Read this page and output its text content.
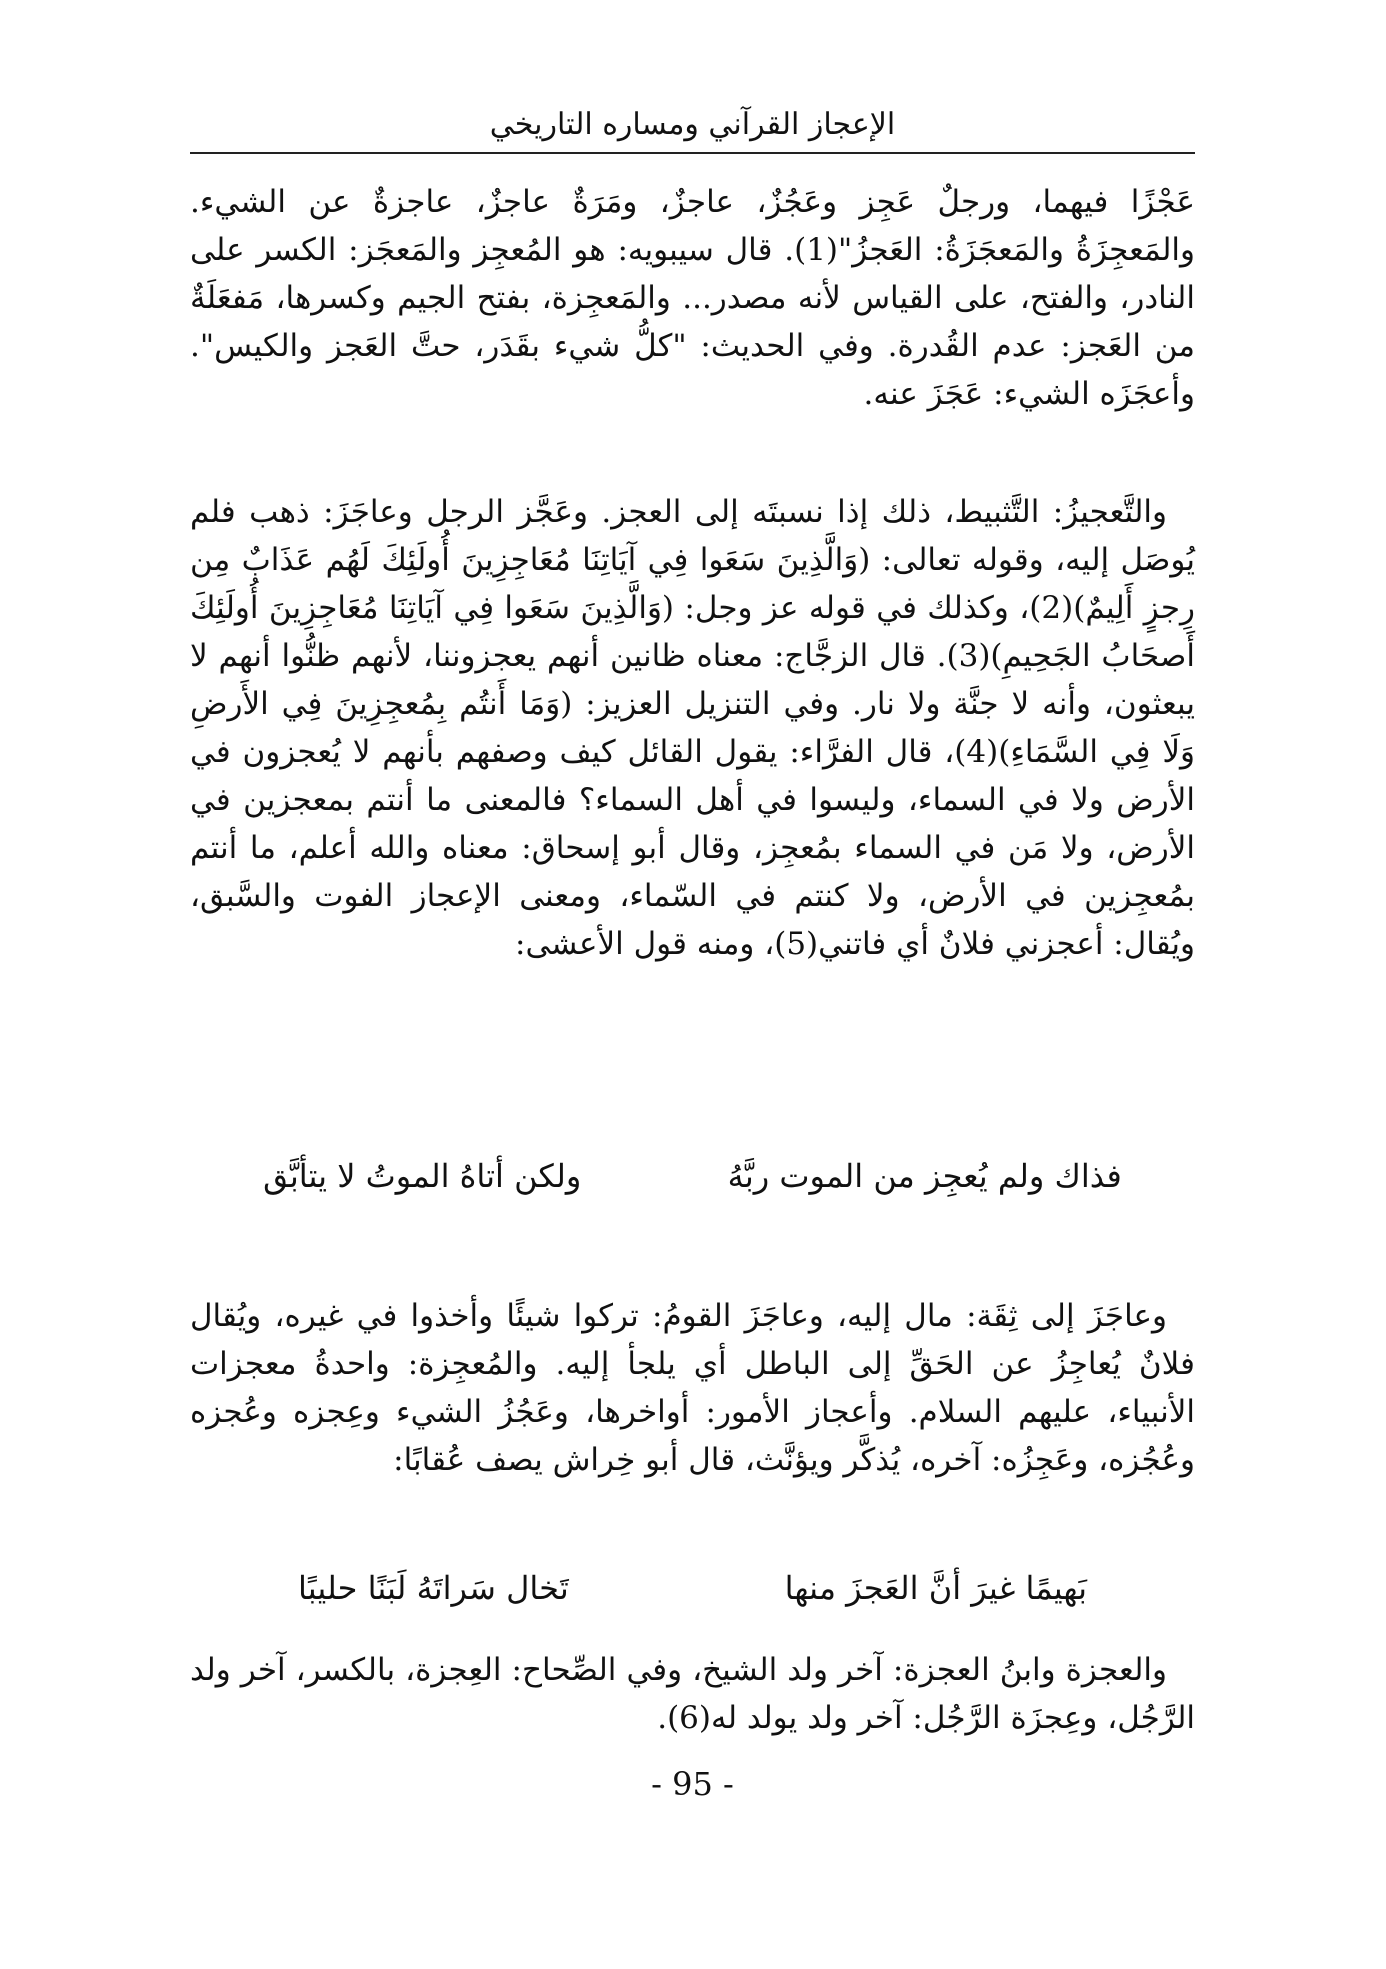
الإعجاز القرآني ومساره التاريخي

عَجْزًا فيهما، ورجلٌ عَجِز وعَجُزٌ، عاجزٌ، ومَرَةٌ عاجزٌ، عاجزةٌ عن الشيء. والمَعجِزَةُ والمَعجَزَةُ: العَجزُ"(1). قال سيبويه: هو المُعجِز والمَعجَز: الكسر على النادر، والفتح، على القياس لأنه مصدر... والمَعجِزة، بفتح الجيم وكسرها، مَفعَلَةٌ من العَجز: عدم القُدرة. وفي الحديث: "كلُّ شيء بقَدَر، حتَّ العَجز والكيس". وأعجَزَه الشيء: عَجَزَ عنه.

والتَّعجيزُ: التَّثبيط، ذلك إذا نسبتَه إلى العجز. وعَجَّز الرجل وعاجَزَ: ذهب فلم يُوصَل إليه، وقوله تعالى: (وَالَّذِينَ سَعَوا فِي آيَاتِنَا مُعَاجِزِينَ أُولَئِكَ لَهُم عَذَابٌ مِن رِجزٍ أَلِيمٌ)(2)، وكذلك في قوله عز وجل: (وَالَّذِينَ سَعَوا فِي آيَاتِنَا مُعَاجِزِينَ أُولَئِكَ أَصحَابُ الجَحِيمِ)(3). قال الزجَّاج: معناه ظانين أنهم يعجزوننا، لأنهم ظنُّوا أنهم لا يبعثون، وأنه لا جنَّة ولا نار. وفي التنزيل العزيز: (وَمَا أَنتُم بِمُعجِزِينَ فِي الأَرضِ وَلَا فِي السَّمَاءِ)(4)، قال الفرَّاء: يقول القائل كيف وصفهم بأنهم لا يُعجزون في الأرض ولا في السماء، وليسوا في أهل السماء؟ فالمعنى ما أنتم بمعجزين في الأرض، ولا مَن في السماء بمُعجِز، وقال أبو إسحاق: معناه والله أعلم، ما أنتم بمُعجِزين في الأرض، ولا كنتم في السّماء، ومعنى الإعجاز الفوت والسَّبق، ويُقال: أعجزني فلانٌ أي فاتني(5)، ومنه قول الأعشى:

فذاك ولم يُعجِز من الموت ربَّهُ
ولكن أتاهُ الموتُ لا يتأبَّق

وعاجَزَ إلى ثِقَة: مال إليه، وعاجَزَ القومُ: تركوا شيئًا وأخذوا في غيره، ويُقال فلانٌ يُعاجِزُ عن الحَقِّ إلى الباطل أي يلجأ إليه. والمُعجِزة: واحدةُ معجزات الأنبياء، عليهم السلام. وأعجاز الأمور: أواخرها، وعَجُزُ الشيء وعِجزه وعُجزه وعُجُزه، وعَجِزُه: آخره، يُذكَّر ويؤنَّث، قال أبو خِراش يصف عُقابًا:

بَهيمًا غيرَ أنَّ العَجزَ منها
تَخال سَراتَهُ لَبَنًا حليبًا

والعجزة وابنُ العجزة: آخر ولد الشيخ، وفي الصِّحاح: العِجزة، بالكسر، آخر ولد الرَّجُل، وعِجزَة الرَّجُل: آخر ولد يولد له(6).

- 95 -
